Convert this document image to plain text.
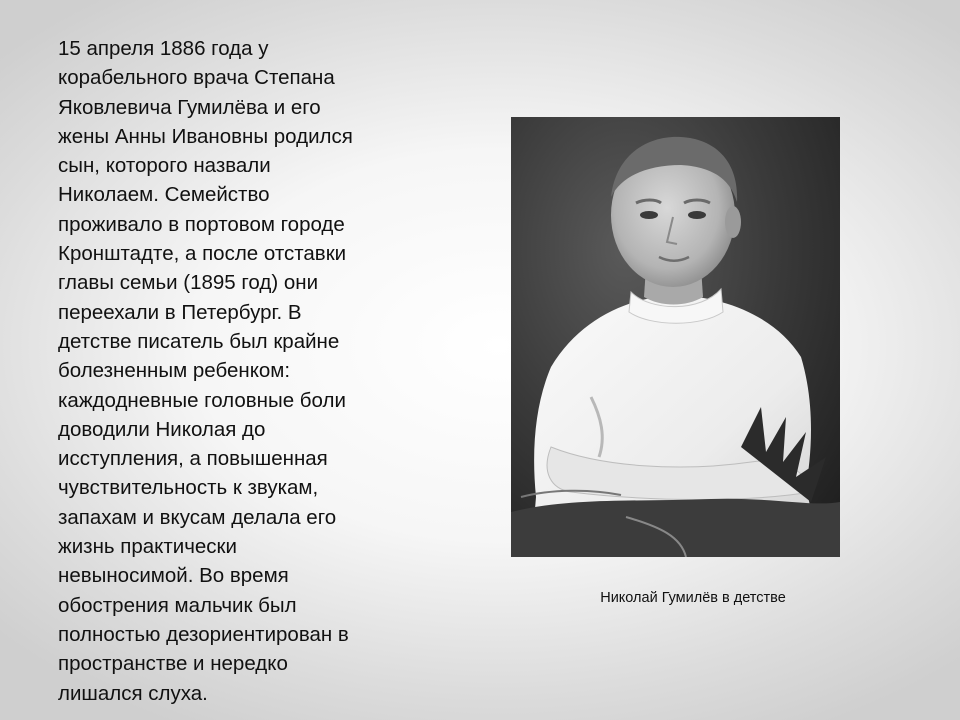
15 апреля 1886 года у
корабельного врача Степана
Яковлевича Гумилёва и его
жены Анны Ивановны родился
сын, которого назвали
Николаем. Семейство
проживало в портовом городе
Кронштадте, а после отставки
главы семьи (1895 год) они
переехали в Петербург. В
детстве писатель был крайне
болезненным ребенком:
каждодневные головные боли
доводили Николая до
исступления, а повышенная
чувствительность к звукам,
запахам и вкусам делала его
жизнь практически
невыносимой. Во время
обострения мальчик был
полностью дезориентирован в
пространстве и нередко
лишался слуха.

Николай Гумилёв в детстве
